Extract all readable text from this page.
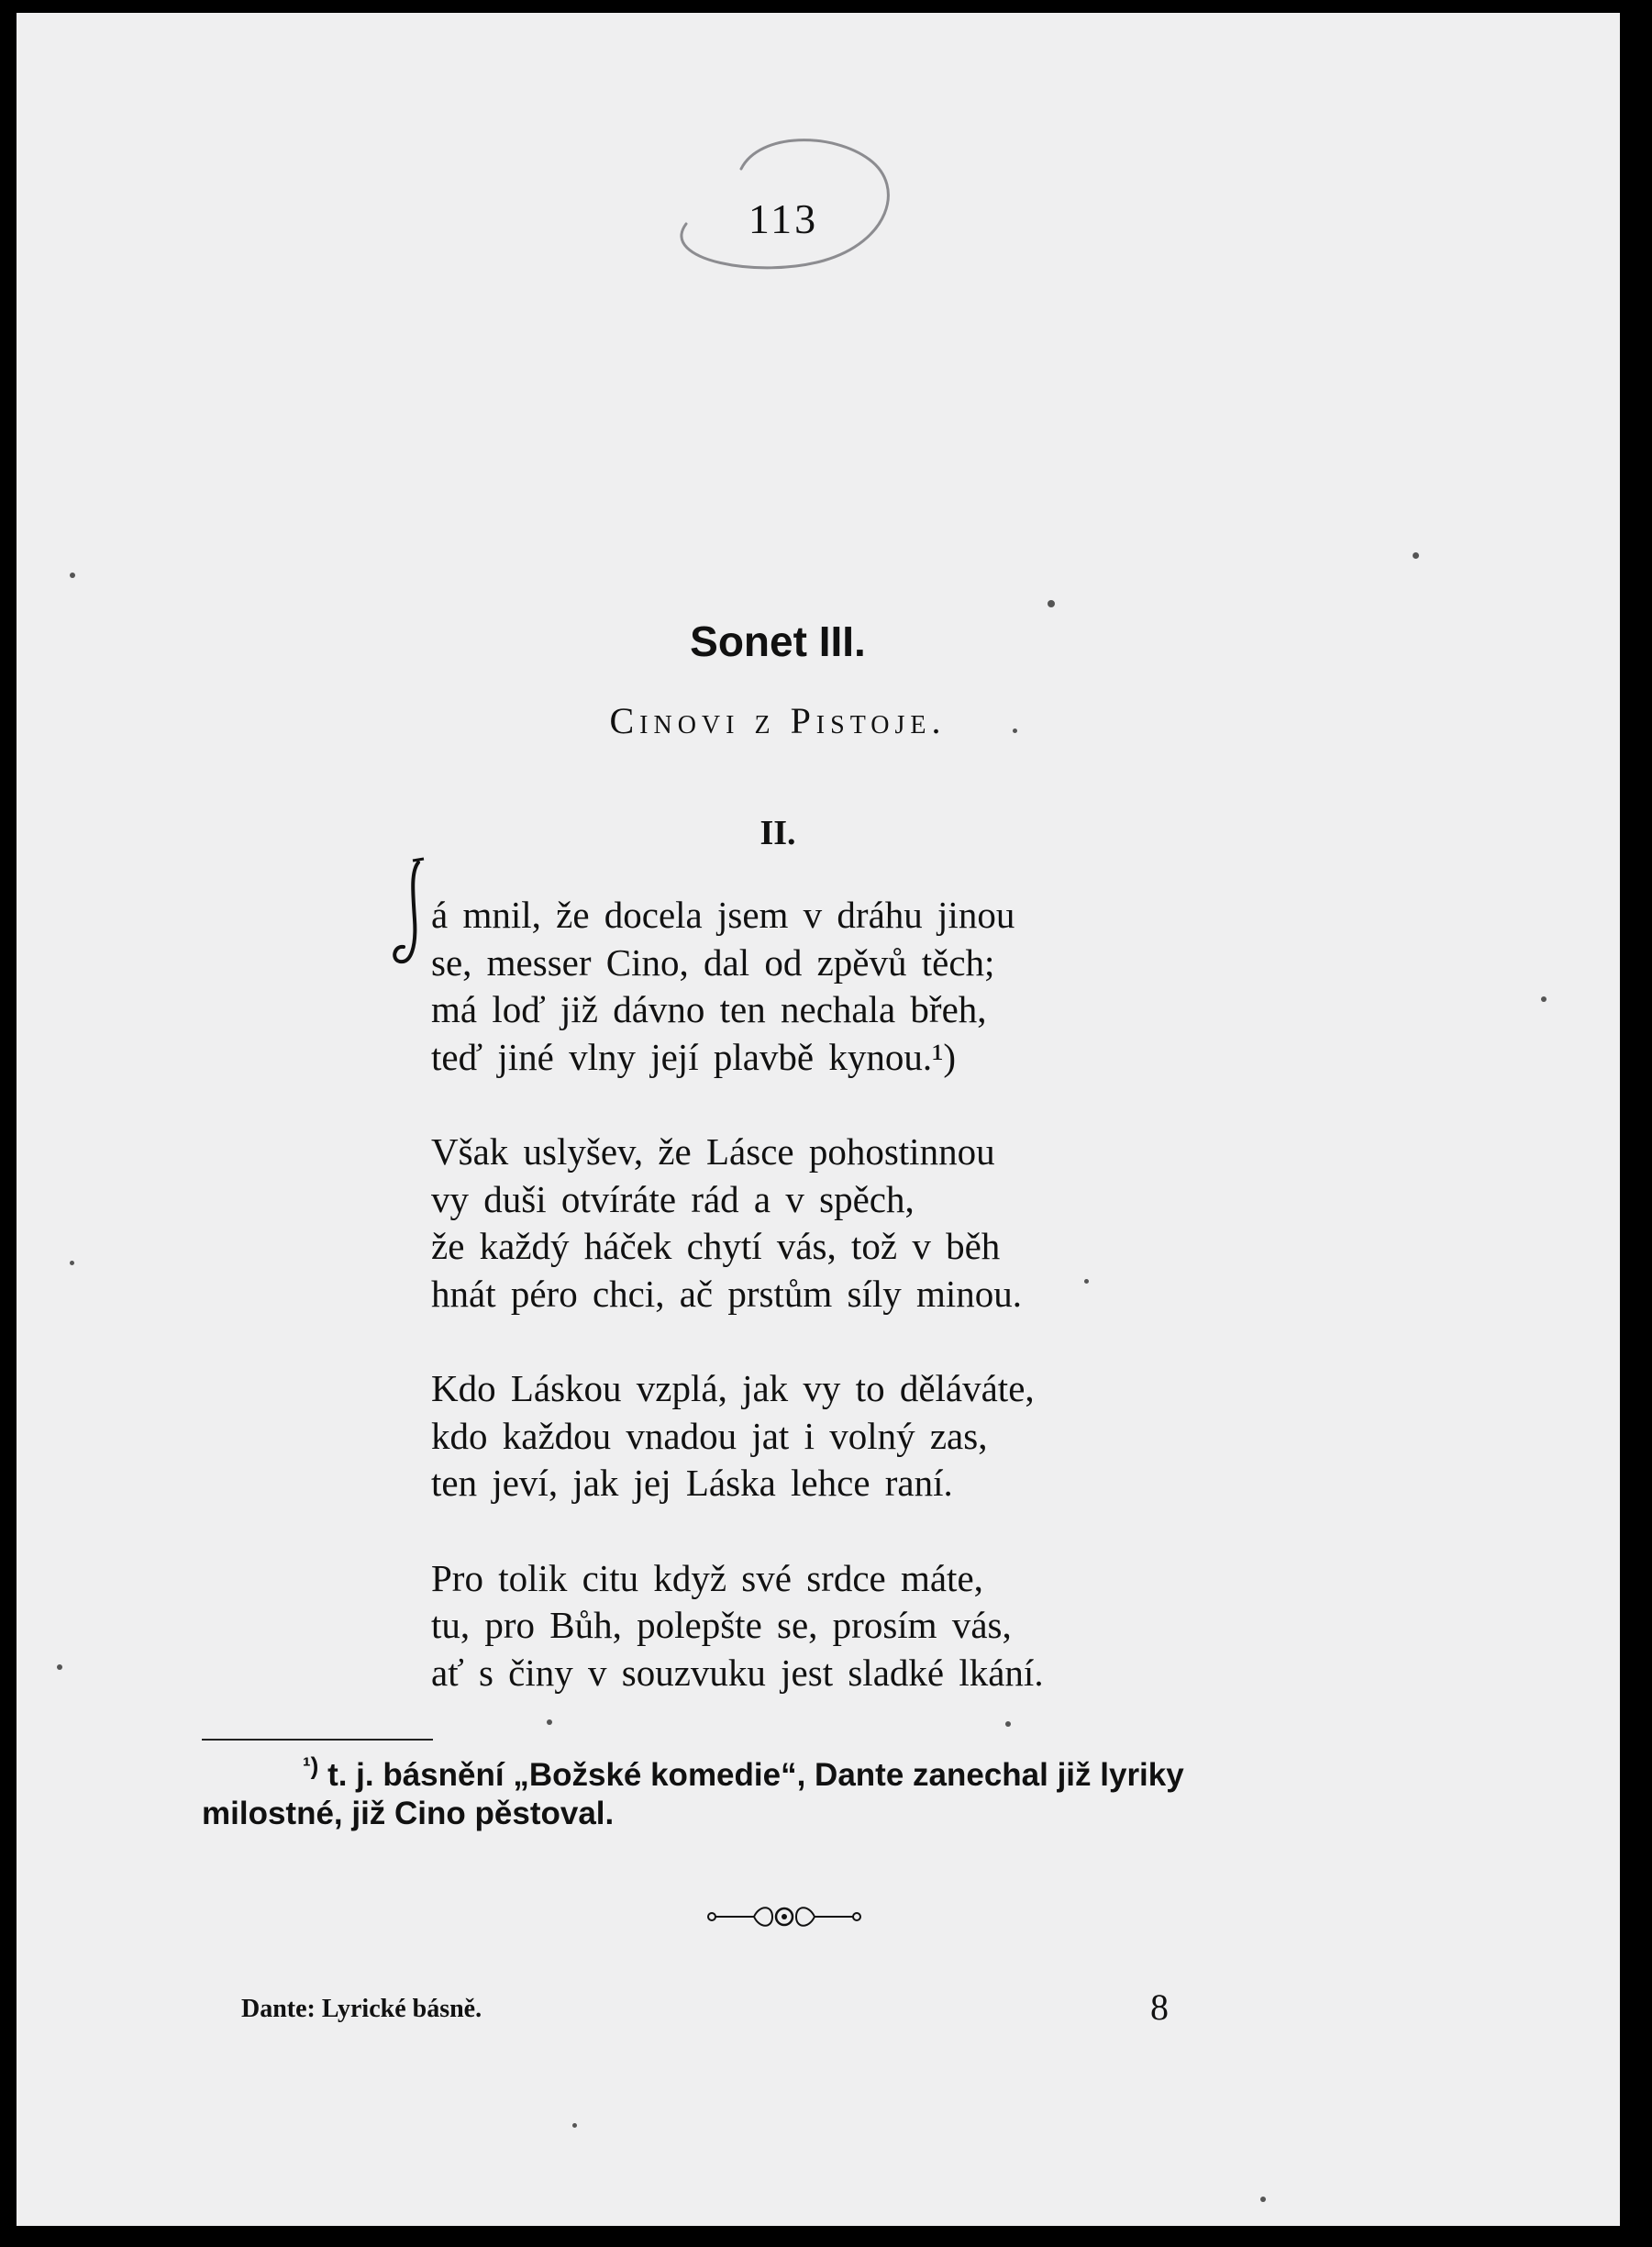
113
Sonet III.
Cinovi z Pistoje.
II.
á mnil, že docela jsem v dráhu jinou
se, messer Cino, dal od zpěvů těch;
má loď již dávno ten nechala břeh,
teď jiné vlny její plavbě kynou.¹)
Však uslyšev, že Lásce pohostinnou
vy duši otvíráte rád a v spěch,
že každý háček chytí vás, tož v běh
hnát péro chci, ač prstům síly minou.
Kdo Láskou vzplá, jak vy to děláváte,
kdo každou vnadou jat i volný zas,
ten jeví, jak jej Láska lehce raní.
Pro tolik citu když své srdce máte,
tu, pro Bůh, polepšte se, prosím vás,
ať s činy v souzvuku jest sladké lkání.
$^{^1)}$ t. j. básnění „Božské komedie“, Dante zanechal již lyriky
milostné, již Cino pěstoval.
Dante: Lyrické básně.	8
